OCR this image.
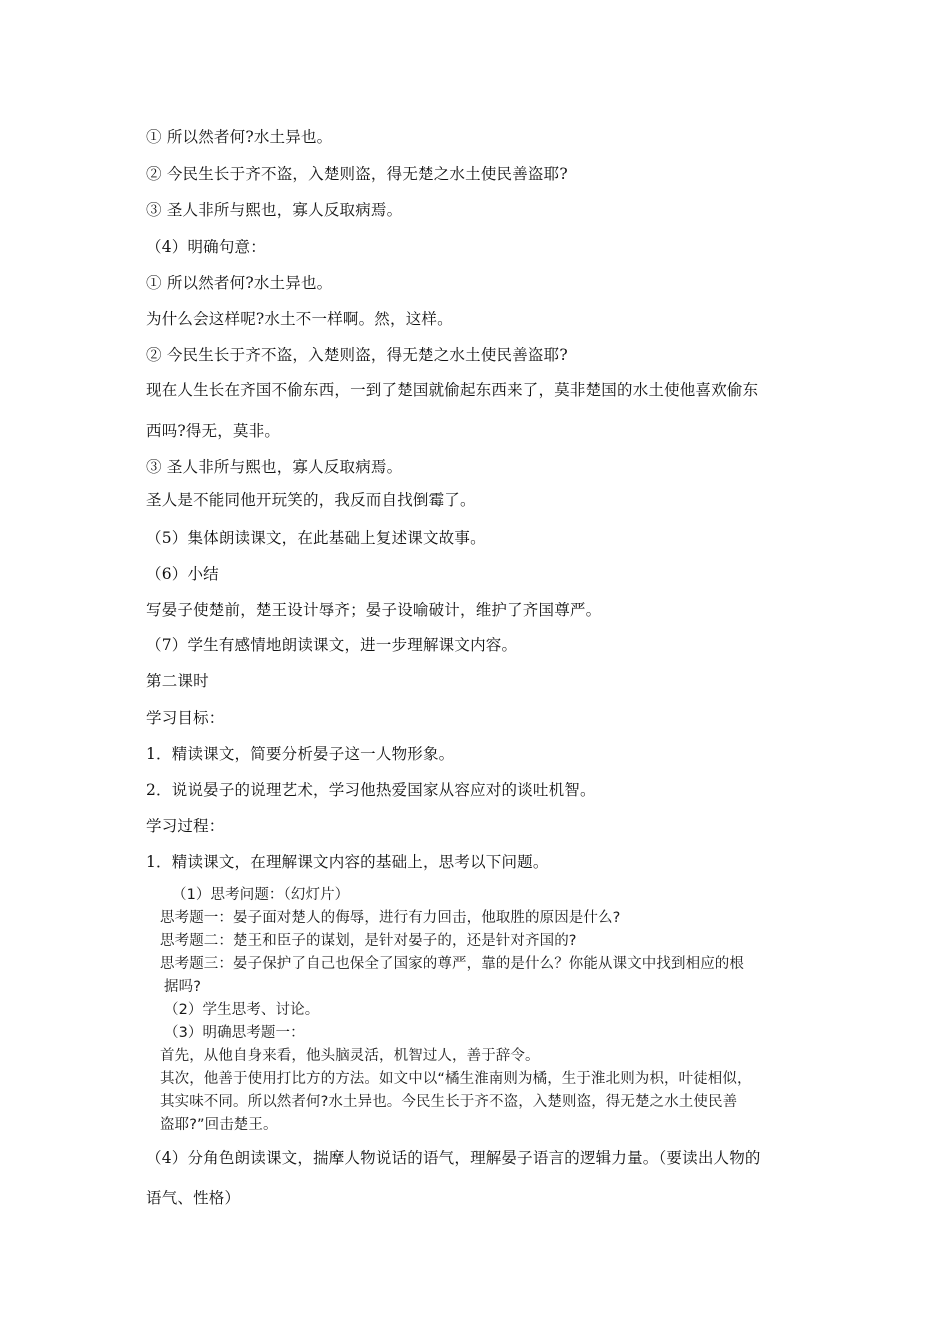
① 所以然者何?水土异也。
② 今民生长于齐不盗，入楚则盗，得无楚之水土使民善盗耶?
③ 圣人非所与熙也，寡人反取病焉。
（4）明确句意：
① 所以然者何?水土异也。
为什么会这样呢?水土不一样啊。然，这样。
② 今民生长于齐不盗，入楚则盗，得无楚之水土使民善盗耶?
现在人生长在齐国不偷东西，一到了楚国就偷起东西来了，莫非楚国的水土使他喜欢偷东
西吗?得无，莫非。
③ 圣人非所与熙也，寡人反取病焉。
圣人是不能同他开玩笑的，我反而自找倒霉了。
（5）集体朗读课文，在此基础上复述课文故事。
（6）小结
写晏子使楚前，楚王设计辱齐；晏子设喻破计，维护了齐国尊严。
（7）学生有感情地朗读课文，进一步理解课文内容。
第二课时
学习目标：
1．精读课文，简要分析晏子这一人物形象。
2．说说晏子的说理艺术，学习他热爱国家从容应对的谈吐机智。
学习过程：
1．精读课文，在理解课文内容的基础上，思考以下问题。
（1）思考问题：（幻灯片）
思考题一：晏子面对楚人的侮辱，进行有力回击，他取胜的原因是什么?
思考题二：楚王和臣子的谋划，是针对晏子的，还是针对齐国的?
思考题三：晏子保护了自己也保全了国家的尊严，靠的是什么？你能从课文中找到相应的根
据吗?
（2）学生思考、讨论。
（3）明确思考题一：
首先，从他自身来看，他头脑灵活，机智过人，善于辞令。
其次，他善于使用打比方的方法。如文中以“橘生淮南则为橘，生于淮北则为枳，叶徒相似，
其实味不同。所以然者何?水土异也。今民生长于齐不盗，入楚则盗，得无楚之水土使民善
盗耶?”回击楚王。
（4）分角色朗读课文，揣摩人物说话的语气，理解晏子语言的逻辑力量。（要读出人物的
语气、性格）
